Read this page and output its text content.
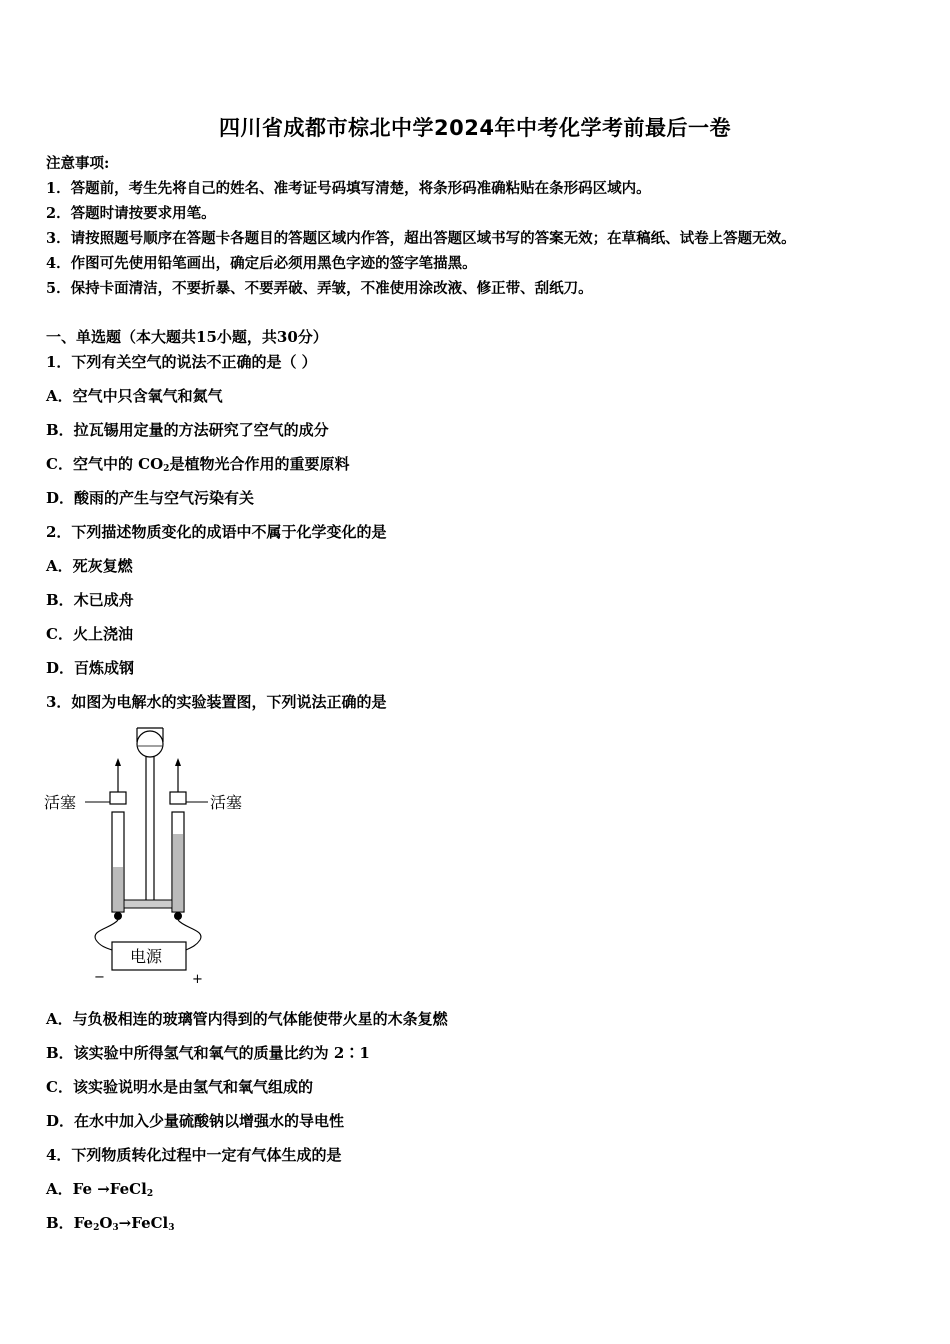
四川省成都市棕北中学2024年中考化学考前最后一卷
注意事项:
1．答题前，考生先将自己的姓名、准考证号码填写清楚，将条形码准确粘贴在条形码区域内。
2．答题时请按要求用笔。
3．请按照题号顺序在答题卡各题目的答题区域内作答，超出答题区域书写的答案无效；在草稿纸、试卷上答题无效。
4．作图可先使用铅笔画出，确定后必须用黑色字迹的签字笔描黑。
5．保持卡面清洁，不要折暴、不要弄破、弄皱，不准使用涂改液、修正带、刮纸刀。
一、单选题（本大题共15小题，共30分）
1．下列有关空气的说法不正确的是（ ）
A．空气中只含氧气和氮气
B．拉瓦锡用定量的方法研究了空气的成分
C．空气中的 $CO_2$是植物光合作用的重要原料
D．酸雨的产生与空气污染有关
2．下列描述物质变化的成语中不属于化学变化的是
A．死灰复燃
B．木已成舟
C．火上浇油
D．百炼成钢
3．如图为电解水的实验装置图，下列说法正确的是
活塞	活塞
电源
−	+
A．与负极相连的玻璃管内得到的气体能使带火星的木条复燃
B．该实验中所得氢气和氧气的质量比约为 2∶1
C．该实验说明水是由氢气和氧气组成的
D．在水中加入少量硫酸钠以增强水的导电性
4．下列物质转化过程中一定有气体生成的是
A．Fe →FeCl$_2$
B．$Fe_2O_3\to FeCl_3$
